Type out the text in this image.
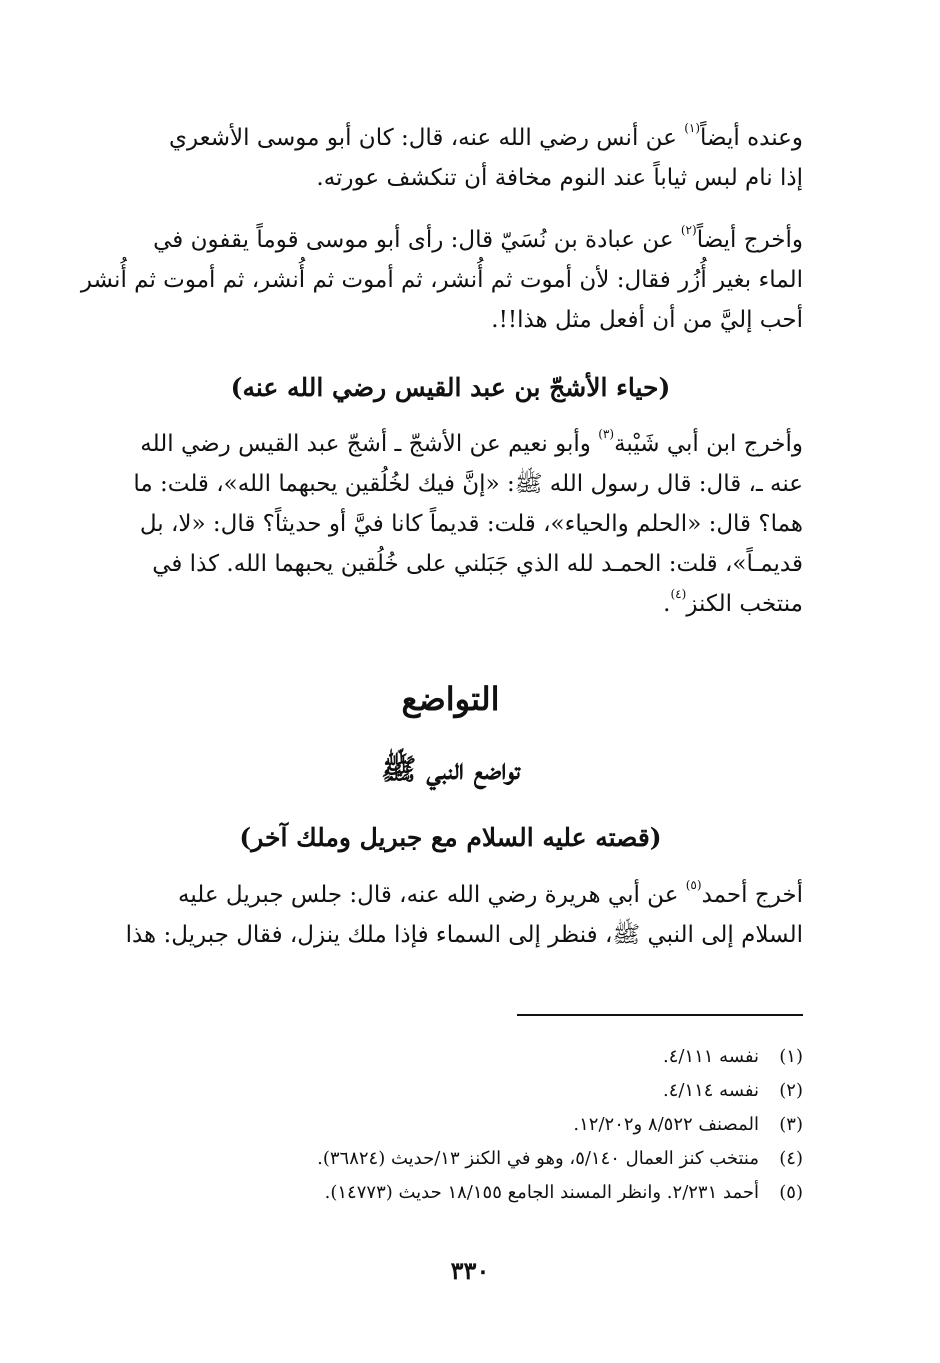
وعنده أيضاً$^{(١)}$ عن أنس رضي الله عنه، قال: كان أبو موسى الأشعري
إذا نام لبس ثياباً عند النوم مخافة أن تنكشف عورته.
وأخرج أيضاً$^{(٢)}$ عن عبادة بن نُسَيّ قال: رأى أبو موسى قوماً يقفون في
الماء بغير أُزُر فقال: لأن أموت ثم أُنشر، ثم أموت ثم أُنشر، ثم أموت ثم أُنشر
أحب إليَّ من أن أفعل مثل هذا!!.
(حياء الأشجّ بن عبد القيس رضي الله عنه)
وأخرج ابن أبي شَيْبة$^{(٣)}$ وأبو نعيم عن الأشجّ ـ أشجّ عبد القيس رضي الله
عنه ـ، قال: قال رسول الله ﷺ: «إنَّ فيك لخُلُقين يحبهما الله»، قلت: ما
هما؟ قال: «الحلم والحياء»، قلت: قديماً كانا فيَّ أو حديثاً؟ قال: «لا، بل
قديمـاً»، قلت: الحمـد لله الذي جَبَلني على خُلُقين يحبهما الله. كذا في
منتخب الكنز$^{(٤)}$.
التواضع
تواضع النبي ﷺ
(قصته عليه السلام مع جبريل وملك آخر)
أخرج أحمد$^{(٥)}$ عن أبي هريرة رضي الله عنه، قال: جلس جبريل عليه
السلام إلى النبي ﷺ، فنظر إلى السماء فإذا ملك ينزل، فقال جبريل: هذا
(١)نفسه ٤/١١١.
(٢)نفسه ٤/١١٤.
(٣)المصنف ٨/٥٢٢ و١٢/٢٠٢.
(٤)منتخب كنز العمال ٥/١٤٠، وهو في الكنز ١٣/حديث (٣٦٨٢٤).
(٥)أحمد ٢/٢٣١. وانظر المسند الجامع ١٨/١٥٥ حديث (١٤٧٧٣).
٣٣٠
